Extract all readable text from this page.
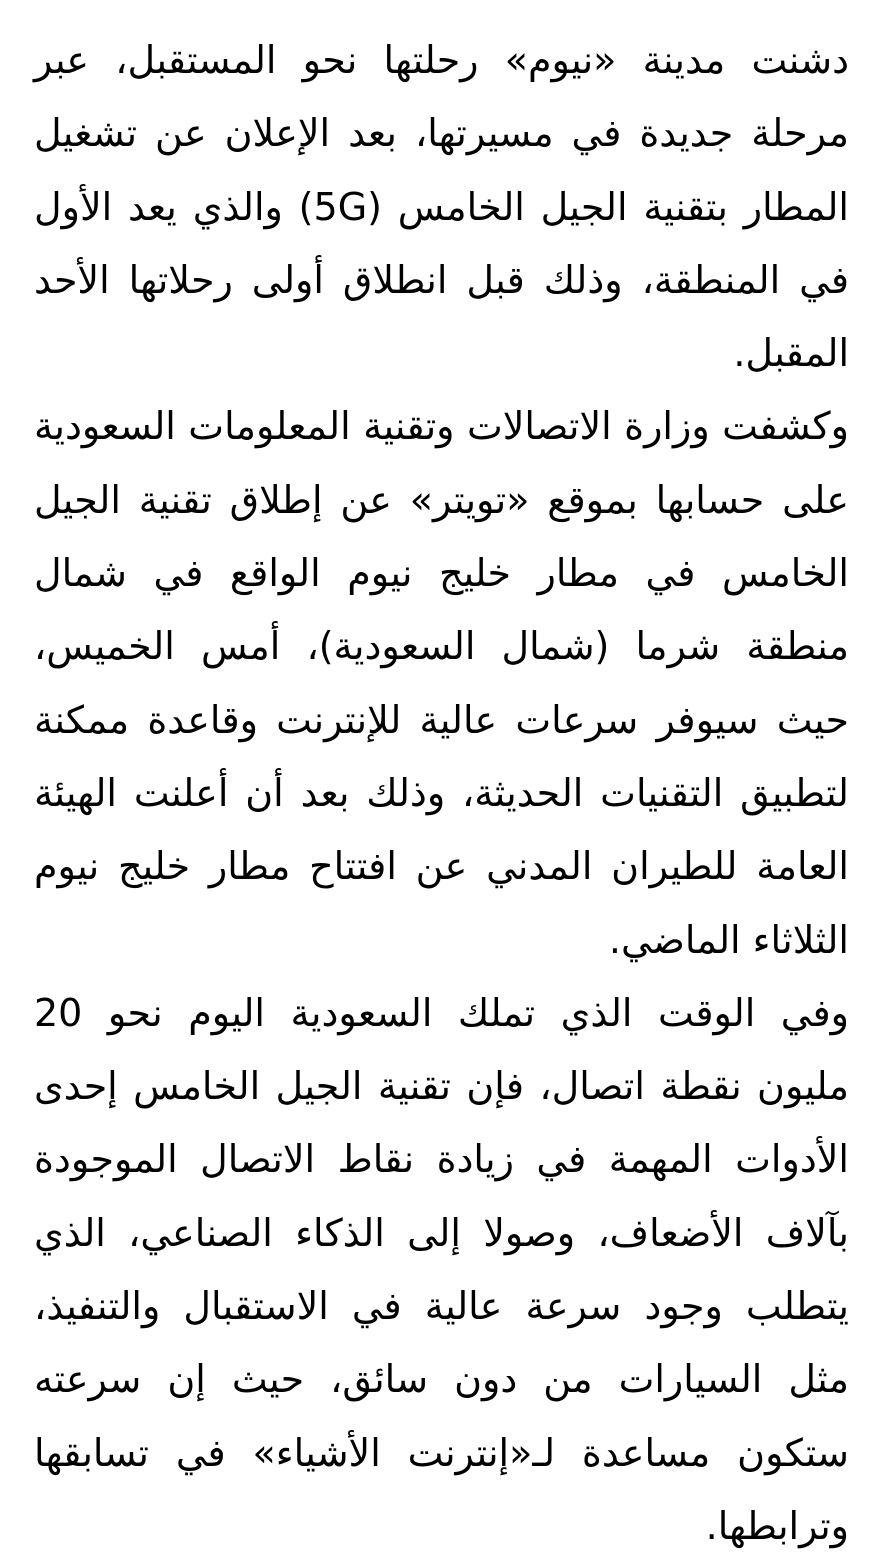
دشنت مدينة «نيوم» رحلتها نحو المستقبل، عبر مرحلة جديدة في مسيرتها، بعد الإعلان عن تشغيل المطار بتقنية الجيل الخامس (5G) والذي يعد الأول في المنطقة، وذلك قبل انطلاق أولى رحلاتها الأحد المقبل.

وكشفت وزارة الاتصالات وتقنية المعلومات السعودية على حسابها بموقع «تويتر» عن إطلاق تقنية الجيل الخامس في مطار خليج نيوم الواقع في شمال منطقة شرما (شمال السعودية)، أمس الخميس، حيث سيوفر سرعات عالية للإنترنت وقاعدة ممكنة لتطبيق التقنيات الحديثة، وذلك بعد أن أعلنت الهيئة العامة للطيران المدني عن افتتاح مطار خليج نيوم الثلاثاء الماضي.

وفي الوقت الذي تملك السعودية اليوم نحو 20 مليون نقطة اتصال، فإن تقنية الجيل الخامس إحدى الأدوات المهمة في زيادة نقاط الاتصال الموجودة بآلاف الأضعاف، وصولا إلى الذكاء الصناعي، الذي يتطلب وجود سرعة عالية في الاستقبال والتنفيذ، مثل السيارات من دون سائق، حيث إن سرعته ستكون مساعدة لـ«إنترنت الأشياء» في تسابقها وترابطها.
